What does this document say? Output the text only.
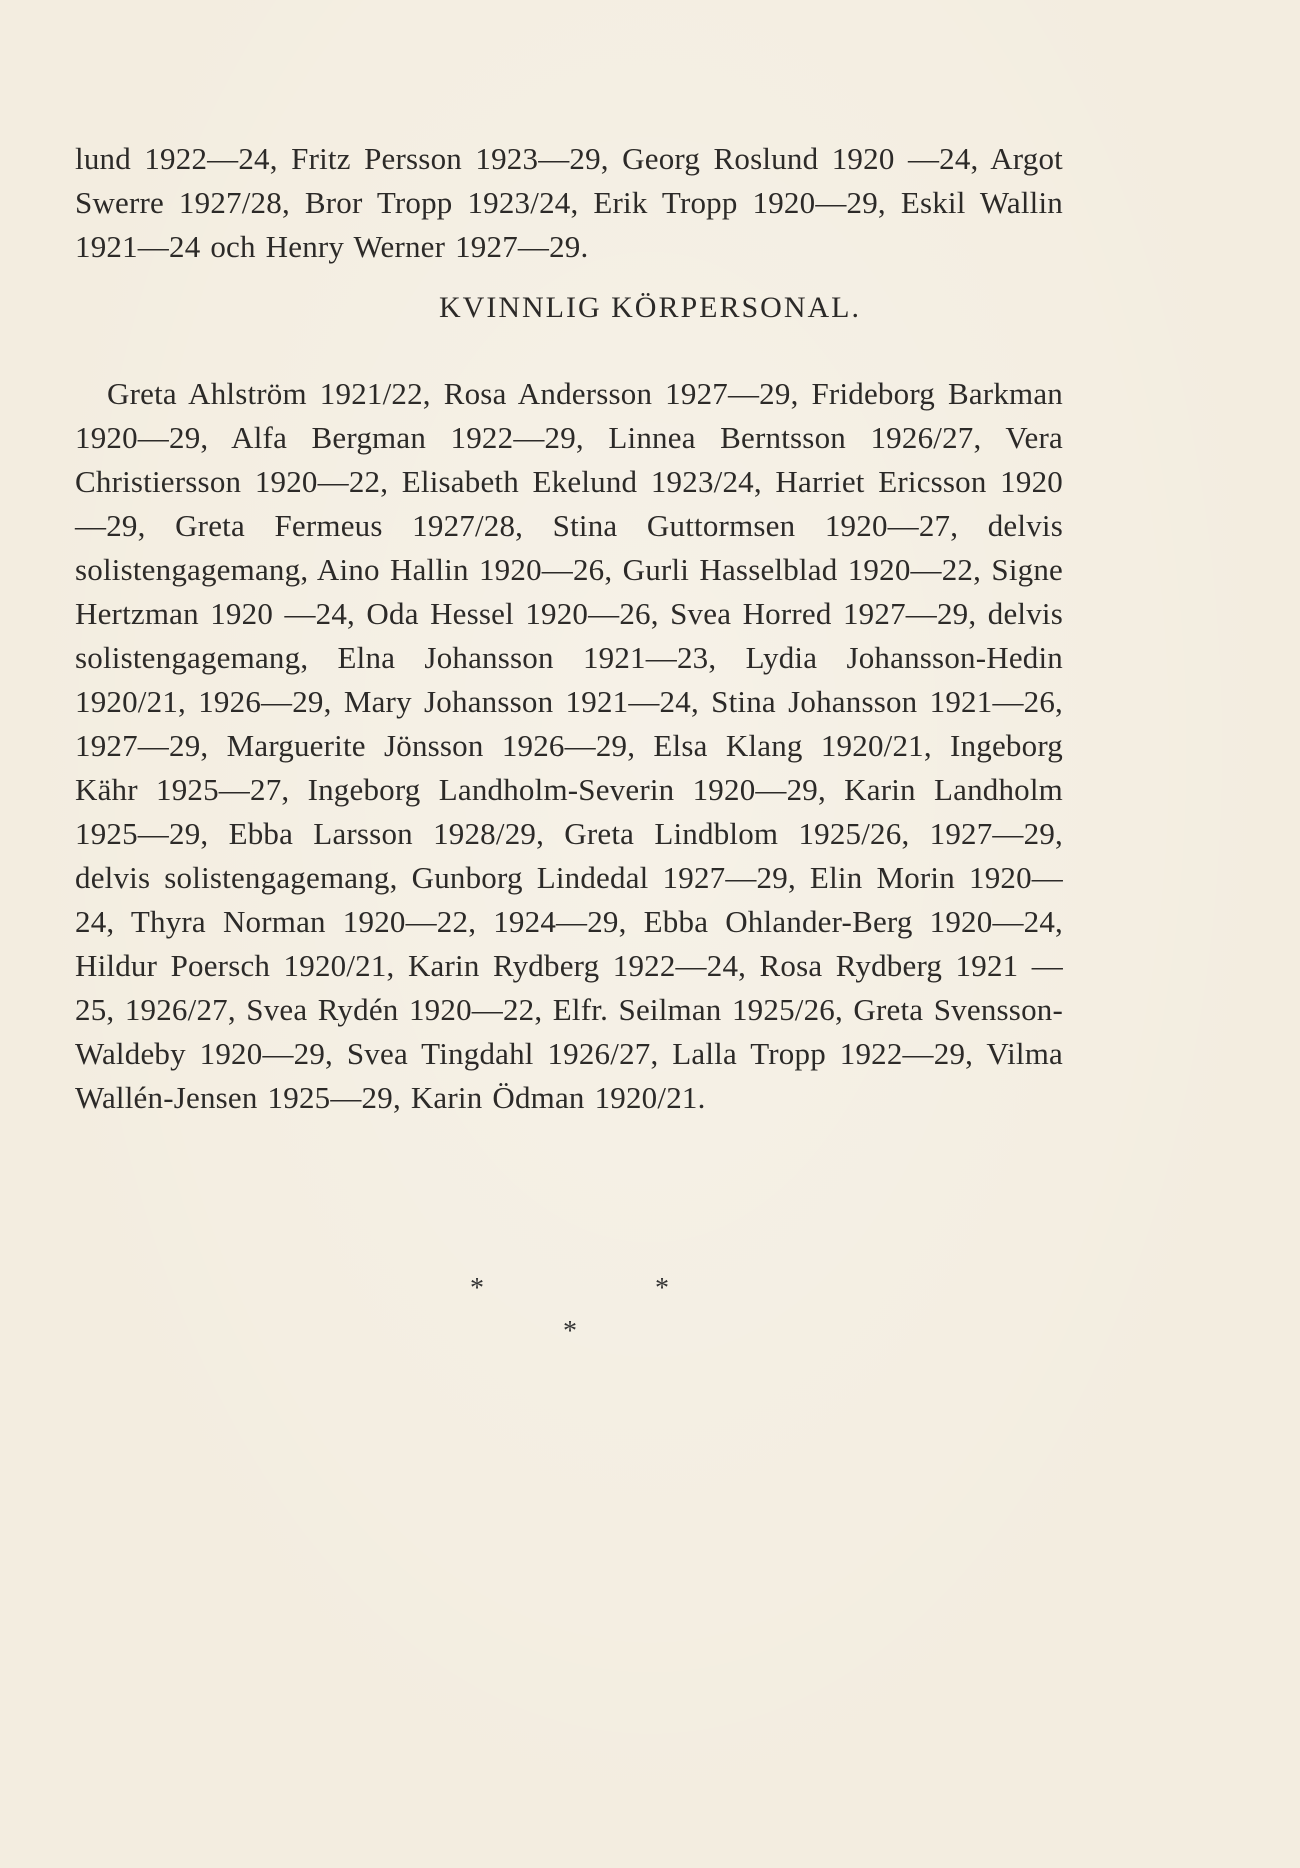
lund 1922—24, Fritz Persson 1923—29, Georg Roslund 1920 —24, Argot Swerre 1927/28, Bror Tropp 1923/24, Erik Tropp 1920—29, Eskil Wallin 1921—24 och Henry Werner 1927—29.

KVINNLIG KÖRPERSONAL.

Greta Ahlström 1921/22, Rosa Andersson 1927—29, Frideborg Barkman 1920—29, Alfa Bergman 1922—29, Linnea Berntsson 1926/27, Vera Christiersson 1920—22, Elisabeth Ekelund 1923/24, Harriet Ericsson 1920—29, Greta Fermeus 1927/28, Stina Guttormsen 1920—27, delvis solistengagemang, Aino Hallin 1920—26, Gurli Hasselblad 1920—22, Signe Hertzman 1920 —24, Oda Hessel 1920—26, Svea Horred 1927—29, delvis solistengagemang, Elna Johansson 1921—23, Lydia Johansson-Hedin 1920/21, 1926—29, Mary Johansson 1921—24, Stina Johansson 1921—26, 1927—29, Marguerite Jönsson 1926—29, Elsa Klang 1920/21, Ingeborg Kähr 1925—27, Ingeborg Landholm-Severin 1920—29, Karin Landholm 1925—29, Ebba Larsson 1928/29, Greta Lindblom 1925/26, 1927—29, delvis solistengagemang, Gunborg Lindedal 1927—29, Elin Morin 1920—24, Thyra Norman 1920—22, 1924—29, Ebba Ohlander-Berg 1920—24, Hildur Poersch 1920/21, Karin Rydberg 1922—24, Rosa Rydberg 1921 —25, 1926/27, Svea Rydén 1920—22, Elfr. Seilman 1925/26, Greta Svensson-Waldeby 1920—29, Svea Tingdahl 1926/27, Lalla Tropp 1922—29, Vilma Wallén-Jensen 1925—29, Karin Ödman 1920/21.

*	*
*
